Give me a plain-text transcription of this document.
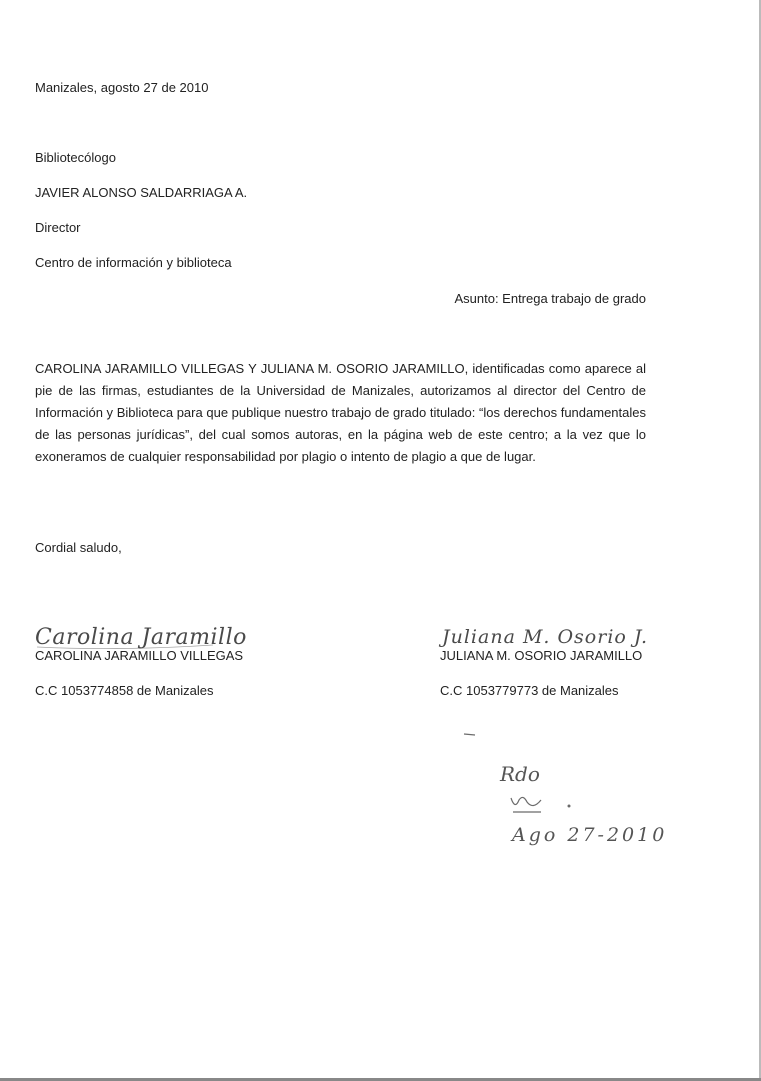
Manizales, agosto 27 de 2010
Bibliotecólogo
JAVIER ALONSO SALDARRIAGA A.
Director
Centro de información y biblioteca
Asunto: Entrega trabajo de grado
CAROLINA JARAMILLO VILLEGAS Y JULIANA M. OSORIO JARAMILLO, identificadas como aparece al pie de las firmas, estudiantes de la Universidad de Manizales, autorizamos al director del Centro de Información y Biblioteca para que publique nuestro trabajo de grado titulado: “los derechos fundamentales de las personas jurídicas”, del cual somos autoras, en la página web de este centro; a la vez que lo exoneramos de cualquier responsabilidad por plagio o intento de plagio a que de lugar.
Cordial saludo,
Carolina Jaramillo
CAROLINA JARAMILLO VILLEGAS
C.C 1053774858 de Manizales
Juliana M. Osorio J.
JULIANA M. OSORIO JARAMILLO
C.C 1053779773 de Manizales
Rdo
Ago 27-2010
